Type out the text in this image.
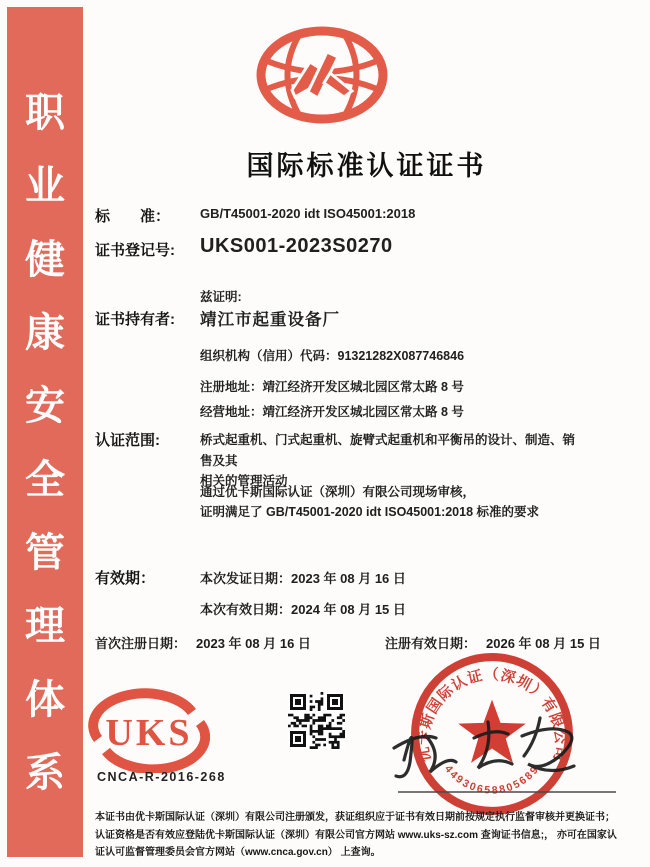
职
业
健
康
安
全
管
理
体
系
国际标准认证证书
标　　准： GB/T45001-2020 idt ISO45001:2018
证书登记号: UKS001-2023S0270
兹证明:
证书持有者: 靖江市起重设备厂
组织机构（信用）代码：91321282X087746846
注册地址：靖江经济开发区城北园区常太路 8 号
经营地址：靖江经济开发区城北园区常太路 8 号
认证范围:	桥式起重机、门式起重机、旋臂式起重机和平衡吊的设计、制造、销售及其
相关的管理活动
通过优卡斯国际认证（深圳）有限公司现场审核，
证明满足了 GB/T45001-2020 idt ISO45001:2018 标准的要求
有效期：	本次发证日期：2023 年 08 月 16 日
本次有效日期：2024 年 08 月 15 日
首次注册日期： 2023 年 08 月 16 日	注册有效日期： 2026 年 08 月 15 日
UKS
CNCA-R-2016-268
优卡斯国际认证（深圳）有限公司
44930658805689
本证书由优卡斯国际认证（深圳）有限公司注册颁发，获证组织应于证书有效日期前按规定执行监督审核并更换证书；
认证资格是否有效应登陆优卡斯国际认证（深圳）有限公司官方网站 www.uks-sz.com 查询证书信息;， 亦可在国家认
证认可监督管理委员会官方网站（www.cnca.gov.cn） 上查询。
